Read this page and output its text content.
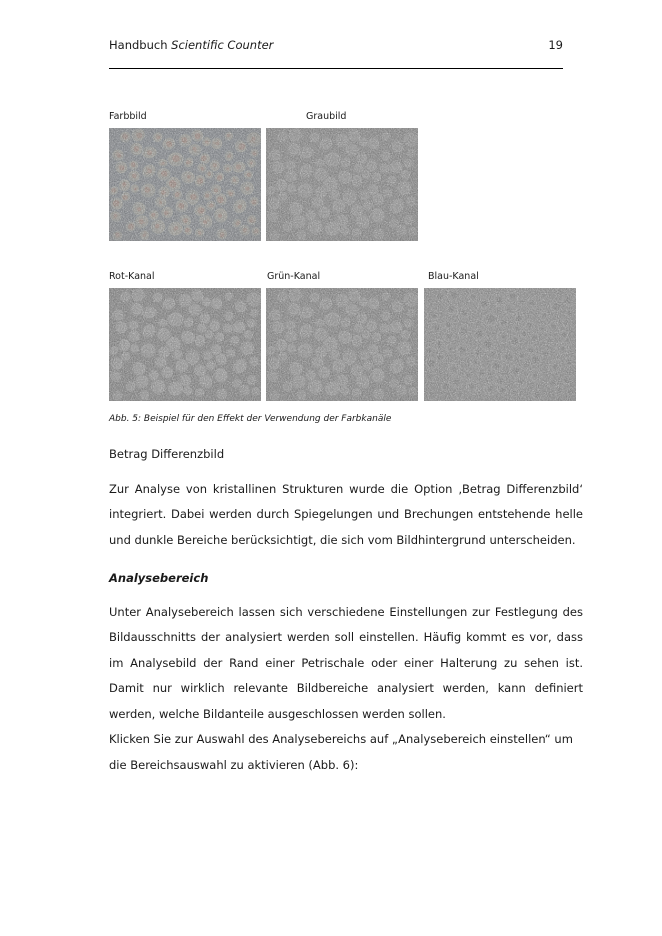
Handbuch Scientific Counter	19
Farbbild	Graubild
Rot-Kanal	Grün-Kanal	Blau-Kanal
Abb. 5: Beispiel für den Effekt der Verwendung der Farbkanäle
Betrag Differenzbild

Zur Analyse von kristallinen Strukturen wurde die Option ‚Betrag Differenzbild‘ integriert. Dabei werden durch Spiegelungen und Brechungen entstehende helle und dunkle Bereiche berücksichtigt, die sich vom Bildhintergrund unterscheiden.

Analysebereich

Unter Analysebereich lassen sich verschiedene Einstellungen zur Festlegung des Bildausschnitts der analysiert werden soll einstellen. Häufig kommt es vor, dass im Analysebild der Rand einer Petrischale oder einer Halterung zu sehen ist. Damit nur wirklich relevante Bildbereiche analysiert werden, kann definiert werden, welche Bildanteile ausgeschlossen werden sollen.

Klicken Sie zur Auswahl des Analysebereichs auf „Analysebereich einstellen“ um die Bereichsauswahl zu aktivieren (Abb. 6):
